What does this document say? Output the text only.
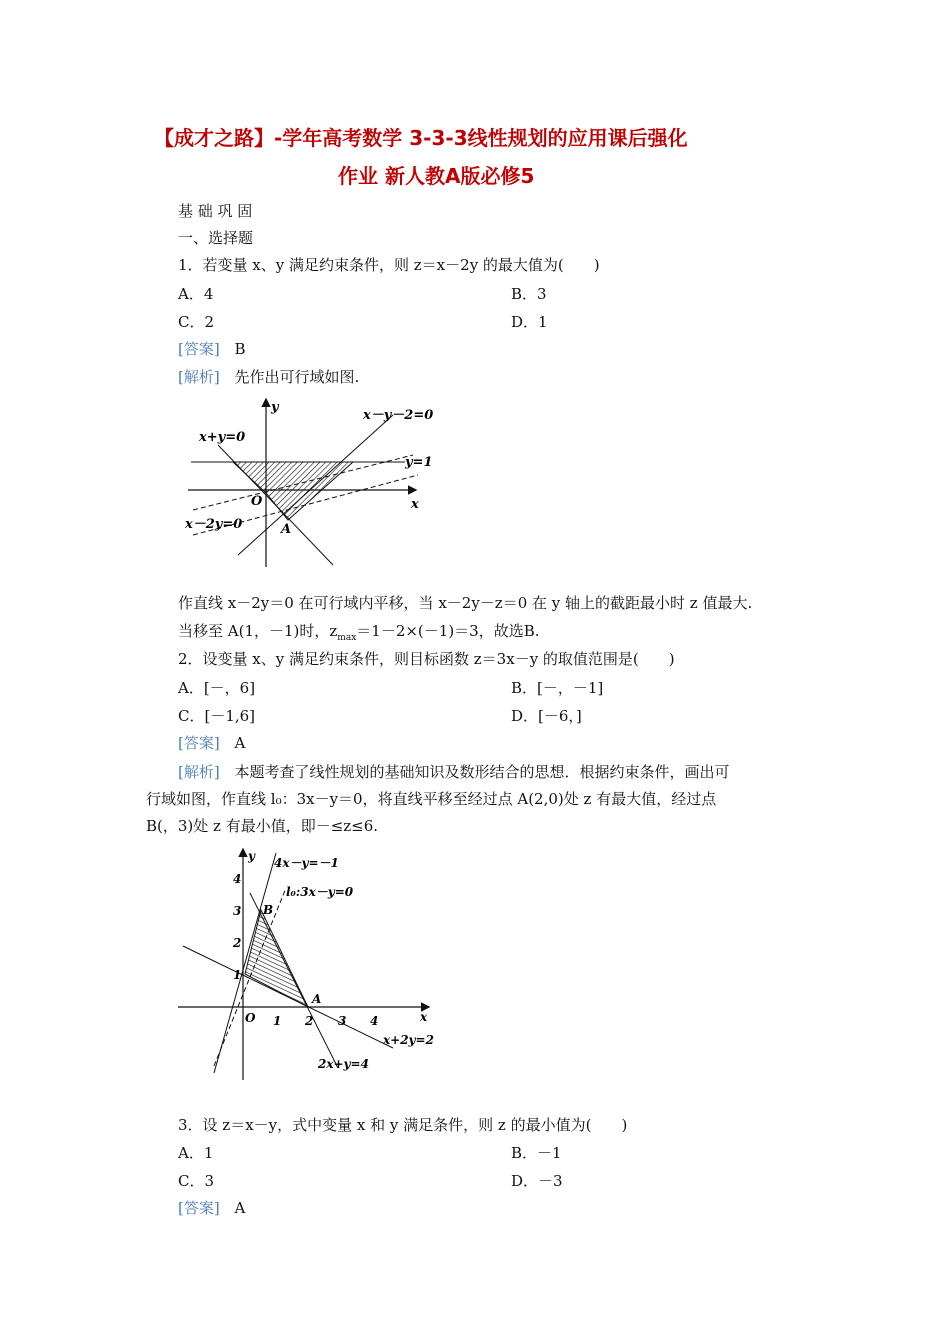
【成才之路】-学年高考数学 3-3-3线性规划的应用课后强化
作业 新人教A版必修5
基 础 巩 固
一、选择题
1．若变量 x、y 满足约束条件，则 z＝x－2y 的最大值为(　　)
A．4	B．3
C．2	D．1
[答案] B
[解析] 先作出可行域如图.
y
x
O
A
x－y－2=0
x+y=0
y=1
x－2y=0
作直线 x－2y＝0 在可行域内平移，当 x－2y－z＝0 在 y 轴上的截距最小时 z 值最大.
当移至 A(1，－1)时，$z_{max}=1-2\times(-1)=3$，故选B.
2．设变量 x、y 满足约束条件，则目标函数 z＝3x－y 的取值范围是(　　)
A．[－，6]	B．[－，－1]
C．[－1,6]	D．[－6，]
[答案] A
[解析] 本题考查了线性规划的基础知识及数形结合的思想．根据约束条件，画出可
行域如图，作直线 l₀：3x－y＝0，将直线平移至经过点 A(2,0)处 z 有最大值，经过点
B(，3)处 z 有最小值，即－≤z≤6.
4
3
2
1
1 2 3 4
y
x
O
A
B
4x－y=－1
l₀:3x－y=0
2x+y=4
x+2y=2
3．设 z＝x－y，式中变量 x 和 y 满足条件，则 z 的最小值为(　　)
A．1	B．－1
C．3	D．－3
[答案] A
